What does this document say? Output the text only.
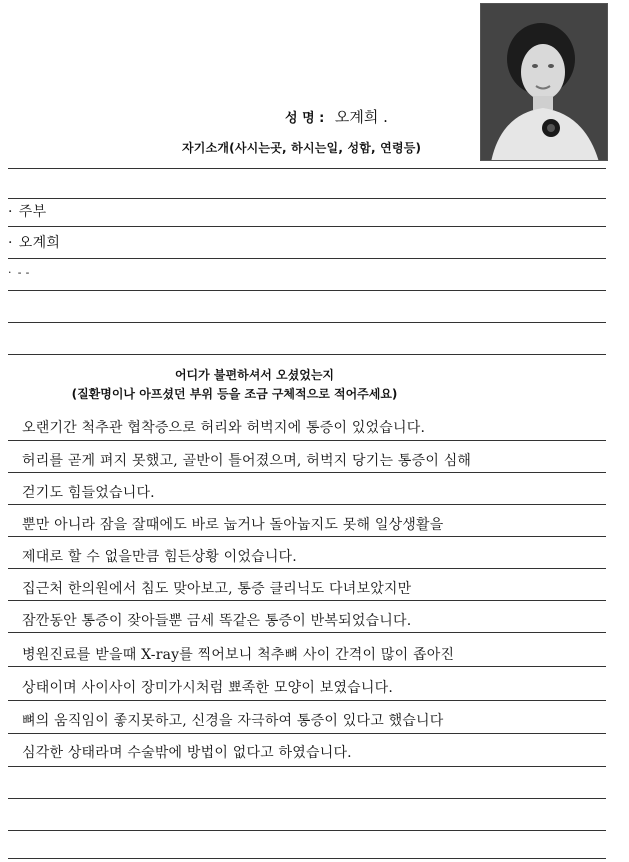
성 명 : 오계희 .
자기소개(사시는곳, 하시는일, 성함, 연령등)
· 주부
· 오계희
· - -
어디가 불편하셔서 오셨었는지
(질환명이나 아프셨던 부위 등을 조금 구체적으로 적어주세요)
오랜기간 척추관 협착증으로 허리와 허벅지에 통증이 있었습니다.
허리를 곧게 펴지 못했고, 골반이 틀어졌으며, 허벅지 당기는 통증이 심해
걷기도 힘들었습니다.
뿐만 아니라 잠을 잘때에도 바로 눕거나 돌아눕지도 못해 일상생활을
제대로 할 수 없을만큼 힘든상황 이었습니다.
집근처 한의원에서 침도 맞아보고, 통증 클리닉도 다녀보았지만
잠깐동안 통증이 잦아들뿐 금세 똑같은 통증이 반복되었습니다.
병원진료를 받을때 X-ray를 찍어보니 척추뼈 사이 간격이 많이 좁아진
상태이며 사이사이 장미가시처럼 뾰족한 모양이 보였습니다.
뼈의 움직임이 좋지못하고, 신경을 자극하여 통증이 있다고 했습니다
심각한 상태라며 수술밖에 방법이 없다고 하였습니다.
